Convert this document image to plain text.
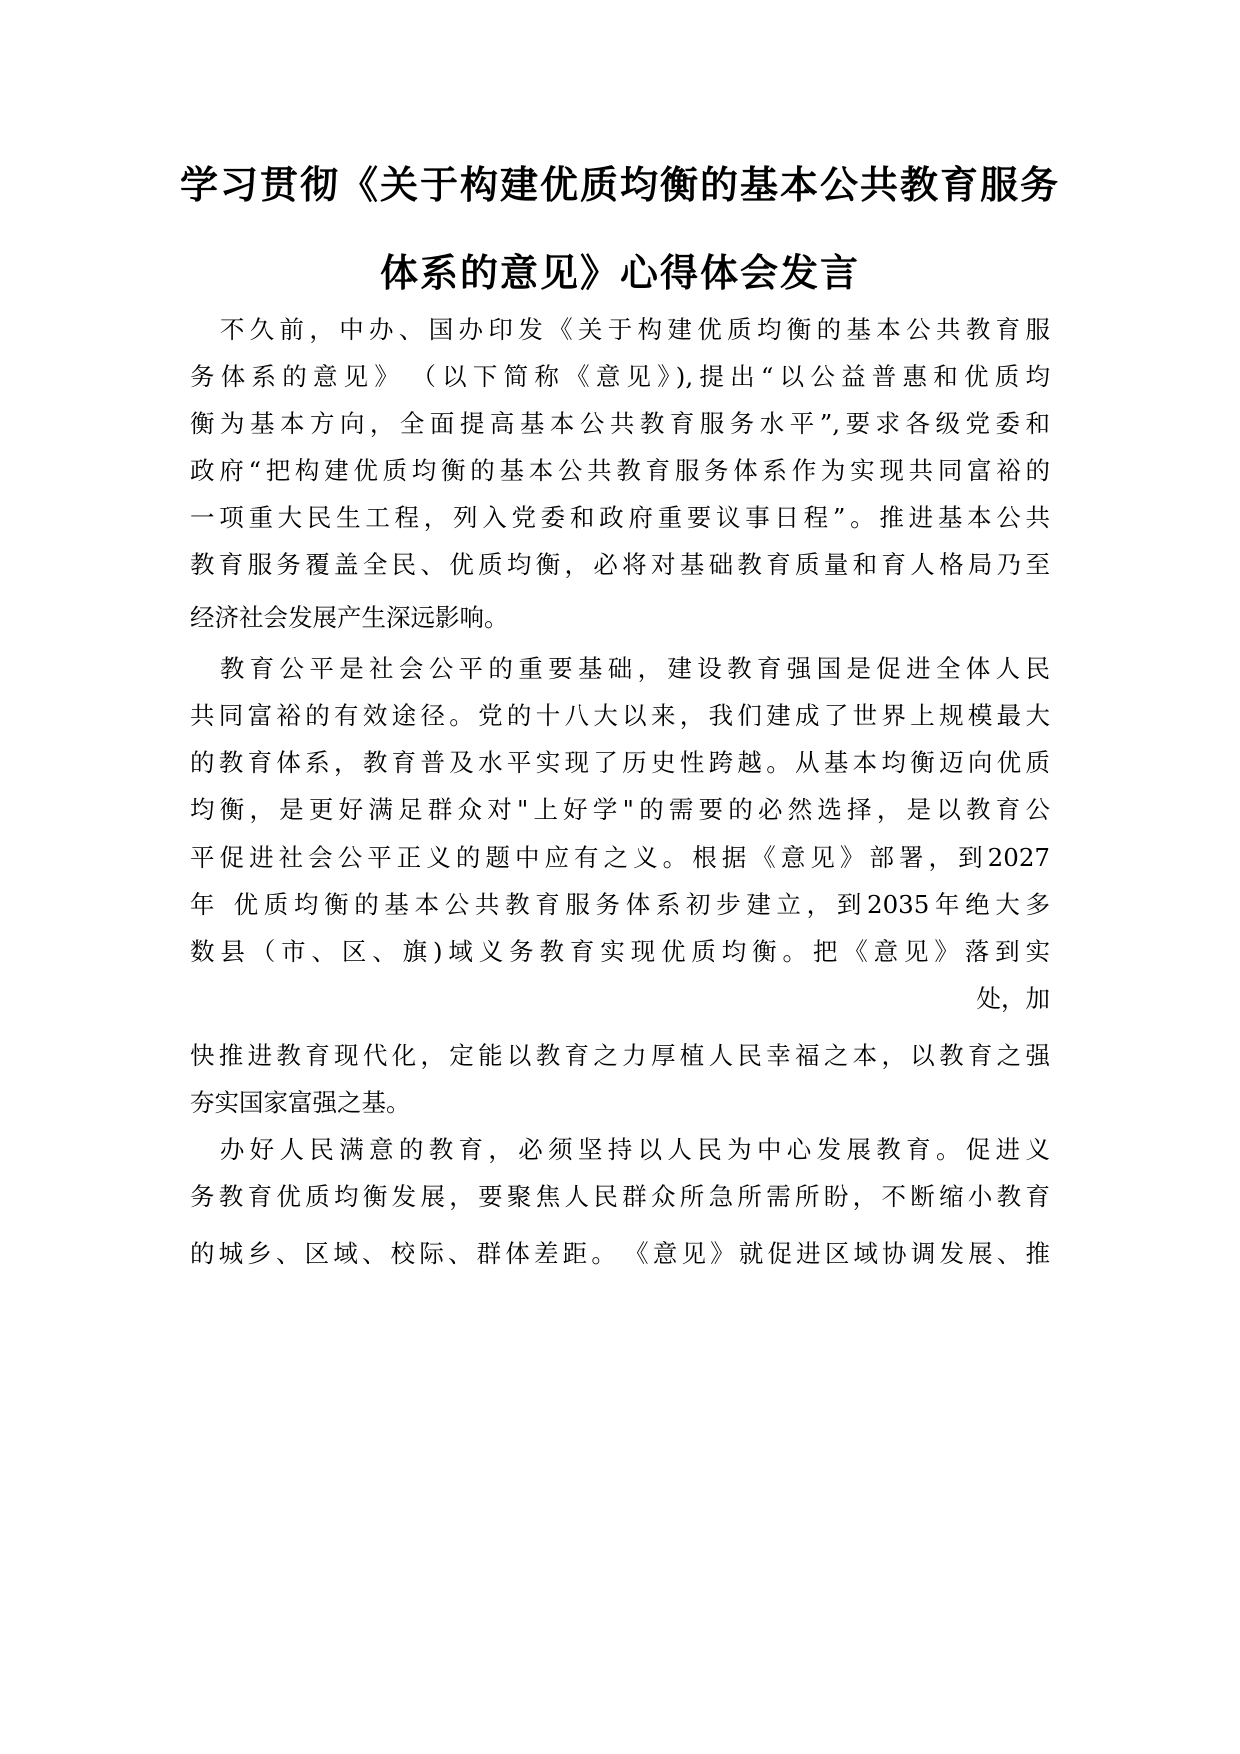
学习贯彻《关于构建优质均衡的基本公共教育服务
体系的意见》心得体会发言
　不久前，中办、国办印发《关于构建优质均衡的基本公共教育服
务体系的意见》　（以下简称《意见》),提出“以公益普惠和优质均
衡为基本方向，全面提高基本公共教育服务水平”,要求各级党委和
政府“把构建优质均衡的基本公共教育服务体系作为实现共同富裕的
一项重大民生工程，列入党委和政府重要议事日程”。推进基本公共
教育服务覆盖全民、优质均衡，必将对基础教育质量和育人格局乃至
经济社会发展产生深远影响。
　教育公平是社会公平的重要基础，建设教育强国是促进全体人民
共同富裕的有效途径。党的十八大以来，我们建成了世界上规模最大
的教育体系，教育普及水平实现了历史性跨越。从基本均衡迈向优质
均衡，是更好满足群众对"上好学"的需要的必然选择，是以教育公
平促进社会公平正义的题中应有之义。根据《意见》部署，到2027
年 优质均衡的基本公共教育服务体系初步建立，到2035年绝大多
数县（市、区、旗)域义务教育实现优质均衡。把《意见》落到实
处，加
快推进教育现代化，定能以教育之力厚植人民幸福之本，以教育之强
夯实国家富强之基。
　办好人民满意的教育，必须坚持以人民为中心发展教育。促进义
务教育优质均衡发展，要聚焦人民群众所急所需所盼，不断缩小教育
的城乡、区域、校际、群体差距。　《意见》就促进区域协调发展、推
